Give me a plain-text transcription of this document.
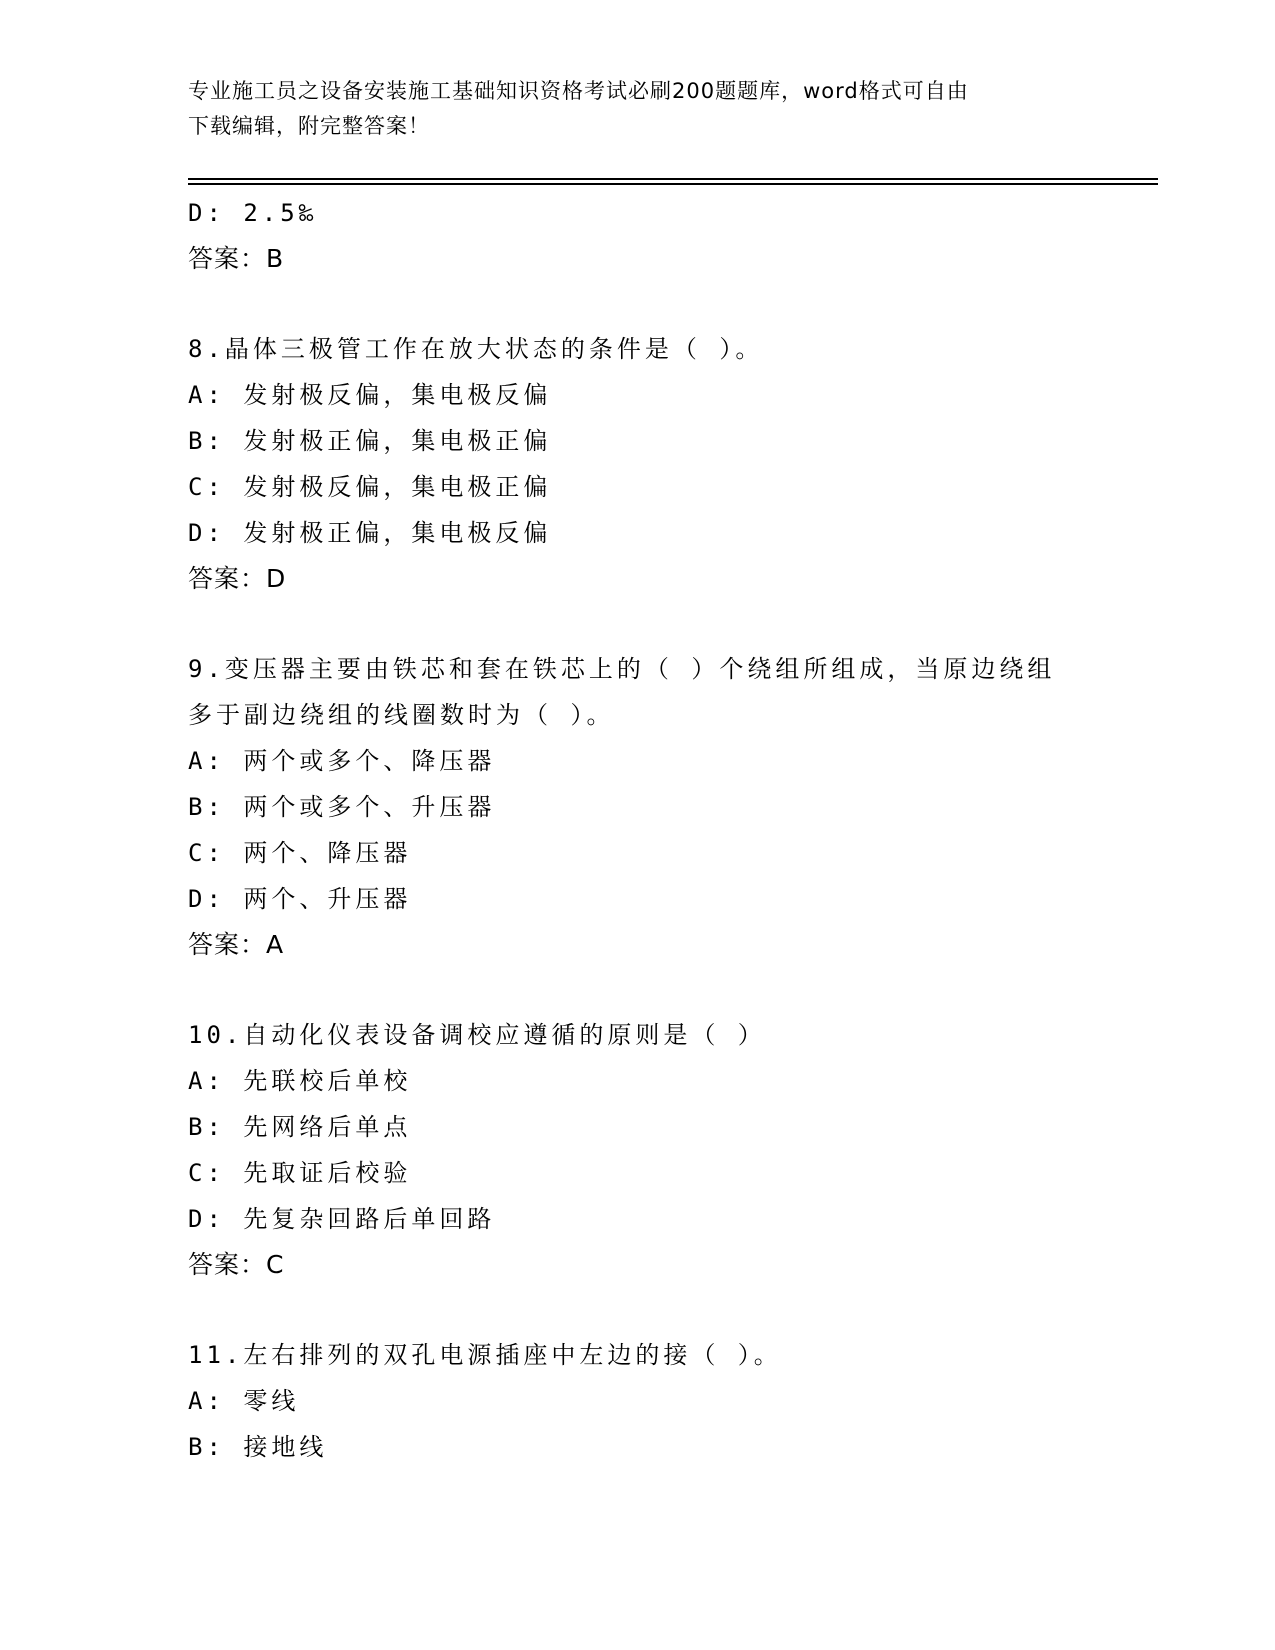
专业施工员之设备安装施工基础知识资格考试必刷200题题库，word格式可自由
下载编辑，附完整答案！
D: 2.5‰
答案：B
8.晶体三极管工作在放大状态的条件是（ ）。
A: 发射极反偏，集电极反偏
B: 发射极正偏，集电极正偏
C: 发射极反偏，集电极正偏
D: 发射极正偏，集电极反偏
答案：D
9.变压器主要由铁芯和套在铁芯上的（ ）个绕组所组成，当原边绕组
多于副边绕组的线圈数时为（ ）。
A: 两个或多个、降压器
B: 两个或多个、升压器
C: 两个、降压器
D: 两个、升压器
答案：A
10.自动化仪表设备调校应遵循的原则是（ ）
A: 先联校后单校
B: 先网络后单点
C: 先取证后校验
D: 先复杂回路后单回路
答案：C
11.左右排列的双孔电源插座中左边的接（ ）。
A: 零线
B: 接地线
